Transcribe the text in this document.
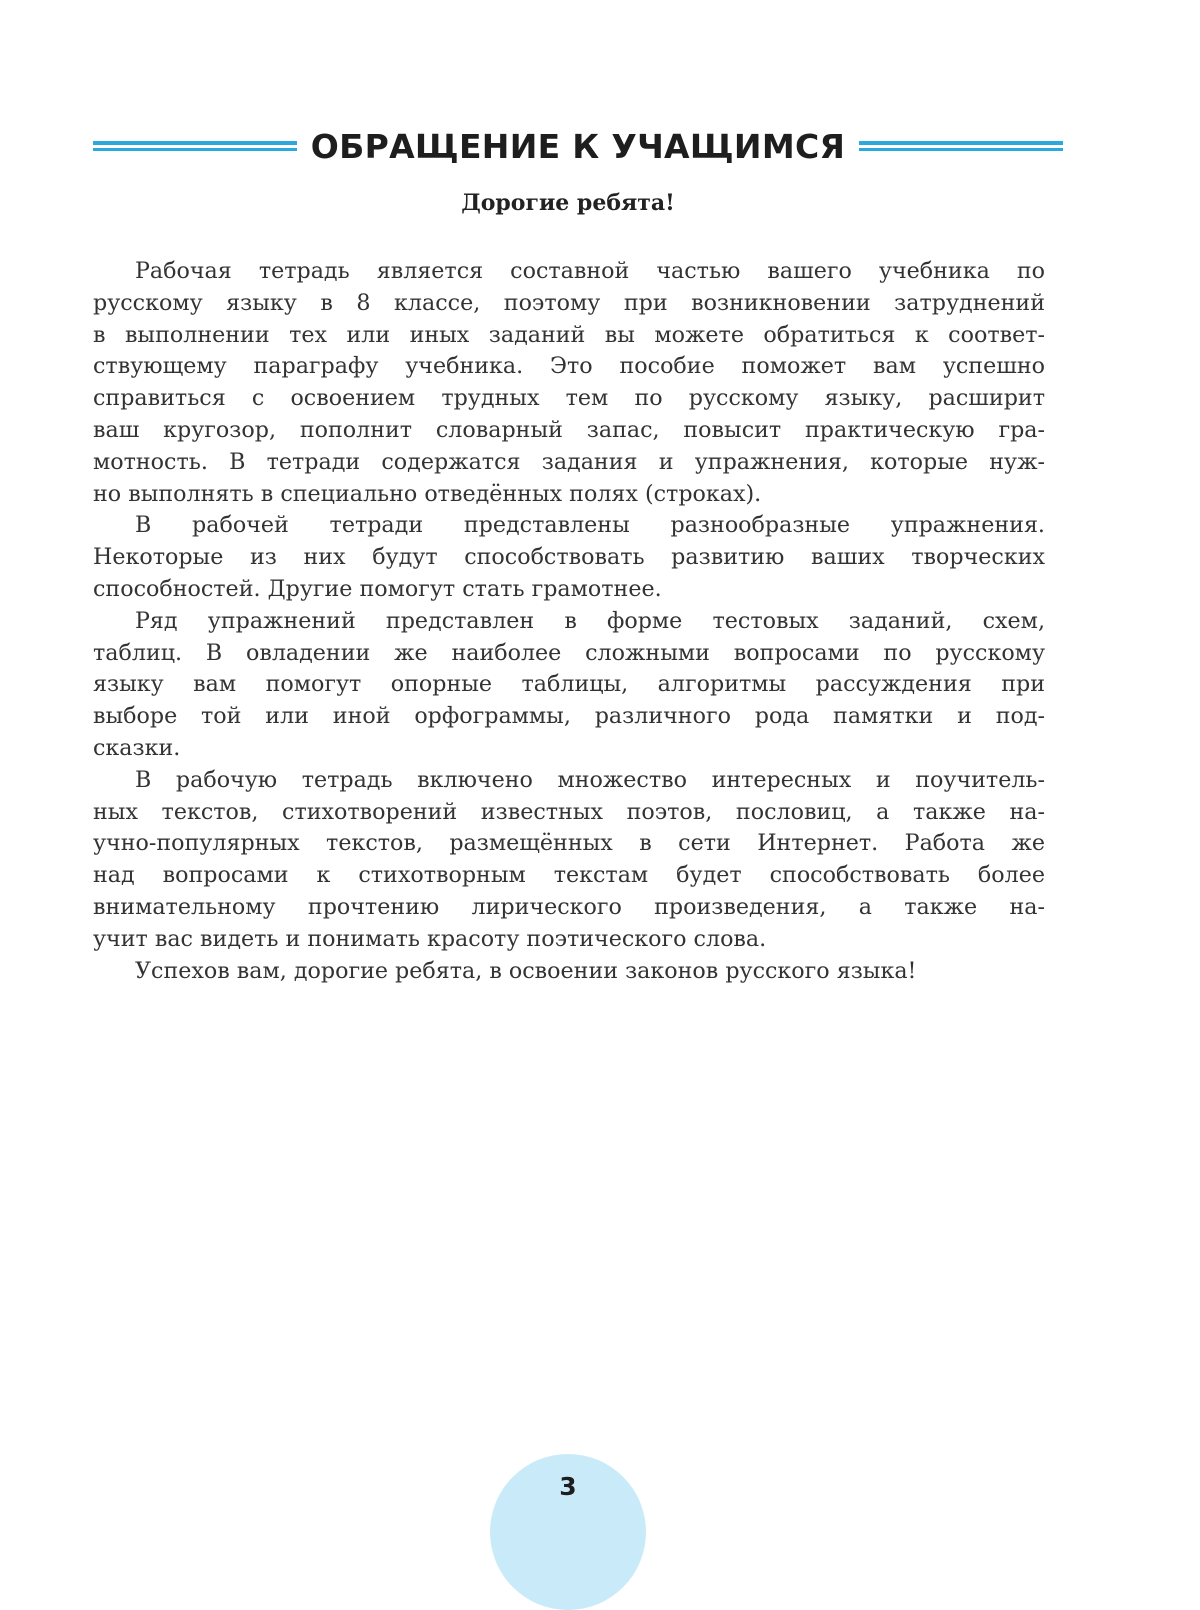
ОБРАЩЕНИЕ К УЧАЩИМСЯ
Дорогие ребята!
Рабочая тетрадь является составной частью вашего учебника по
русскому языку в 8 классе, поэтому при возникновении затруднений
в выполнении тех или иных заданий вы можете обратиться к соответ-
ствующему параграфу учебника. Это пособие поможет вам успешно
справиться с освоением трудных тем по русскому языку, расширит
ваш кругозор, пополнит словарный запас, повысит практическую гра-
мотность. В тетради содержатся задания и упражнения, которые нуж-
но выполнять в специально отведённых полях (строках).
В рабочей тетради представлены разнообразные упражнения.
Некоторые из них будут способствовать развитию ваших творческих
способностей. Другие помогут стать грамотнее.
Ряд упражнений представлен в форме тестовых заданий, схем,
таблиц. В овладении же наиболее сложными вопросами по русскому
языку вам помогут опорные таблицы, алгоритмы рассуждения при
выборе той или иной орфограммы, различного рода памятки и под-
сказки.
В рабочую тетрадь включено множество интересных и поучитель-
ных текстов, стихотворений известных поэтов, пословиц, а также на-
учно-популярных текстов, размещённых в сети Интернет. Работа же
над вопросами к стихотворным текстам будет способствовать более
внимательному прочтению лирического произведения, а также на-
учит вас видеть и понимать красоту поэтического слова.
Успехов вам, дорогие ребята, в освоении законов русского языка!
3
